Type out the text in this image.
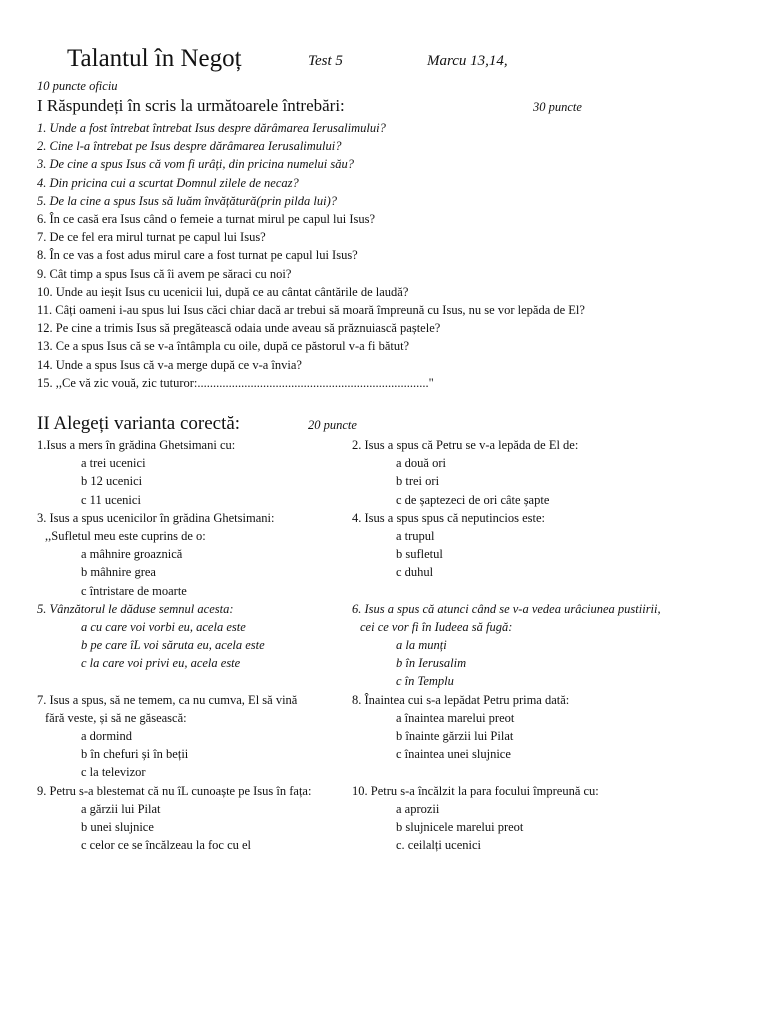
Talantul în Negoț	Test 5	Marcu 13,14,
10 puncte oficiu
I Răspundeți în scris la următoarele întrebări:	30 puncte
1. Unde a fost întrebat întrebat Isus despre dărâmarea Ierusalimului?
2. Cine l-a întrebat pe Isus despre dărâmarea Ierusalimului?
3. De cine a spus Isus că vom fi urâți, din pricina numelui său?
4. Din pricina cui a scurtat Domnul zilele de necaz?
5. De la cine a spus Isus să luăm învățătură(prin pilda lui)?
6. În ce casă era Isus când o femeie a turnat mirul pe capul lui Isus?
7. De ce fel era mirul turnat pe capul lui Isus?
8. În ce vas a fost adus mirul care a fost turnat pe capul lui Isus?
9. Cât timp a spus Isus că îi avem pe săraci cu noi?
10. Unde au ieșit Isus cu ucenicii lui, după ce au cântat cântările de laudă?
11. Câți oameni i-au spus lui Isus căci chiar dacă ar trebui să moară împreună cu Isus, nu se vor lepăda de El?
12. Pe cine a trimis Isus să pregătească odaia unde aveau să prăznuiască paștele?
13. Ce a spus Isus că se v-a întâmpla cu oile, după ce păstorul v-a fi bătut?
14. Unde a spus Isus că v-a merge după ce v-a învia?
15. ,,Ce vă zic vouă, zic tuturor:.........................................................................."
II Alegeți varianta corectă:	20 puncte
1.Isus a mers în grădina Ghetsimani cu:
a trei ucenici
b 12 ucenici
c 11 ucenici
3. Isus a spus ucenicilor în grădina Ghetsimani:
,,Sufletul meu este cuprins de o:
a mâhnire groaznică
b mâhnire grea
c întristare de moarte
5. Vânzătorul le dăduse semnul acesta:
a cu care voi vorbi eu, acela este
b pe care îL voi săruta eu, acela este
c la care voi privi eu, acela este
7. Isus a spus, să ne temem, ca nu cumva, El să vină
fără veste, și să ne găsească:
a dormind
b în chefuri și în beții
c la televizor
9. Petru s-a blestemat că nu îL cunoaște pe Isus în fața:
a gărzii lui Pilat
b unei slujnice
c celor ce se încălzeau la foc cu el
2. Isus a spus că Petru se v-a lepăda de El de:
a două ori
b trei ori
c de șaptezeci de ori câte șapte
4. Isus a spus spus că neputincios este:
a trupul
b sufletul
c duhul
6. Isus a spus că atunci când se v-a vedea urâciunea pustiirii,
cei ce vor fi în Iudeea să fugă:
a la munți
b în Ierusalim
c în Templu
8. Înaintea cui s-a lepădat Petru prima dată:
a înaintea marelui preot
b înainte gărzii lui Pilat
c înaintea unei slujnice
10. Petru s-a încălzit la para focului împreună cu:
a aprozii
b slujnicele marelui preot
c. ceilalți ucenici
